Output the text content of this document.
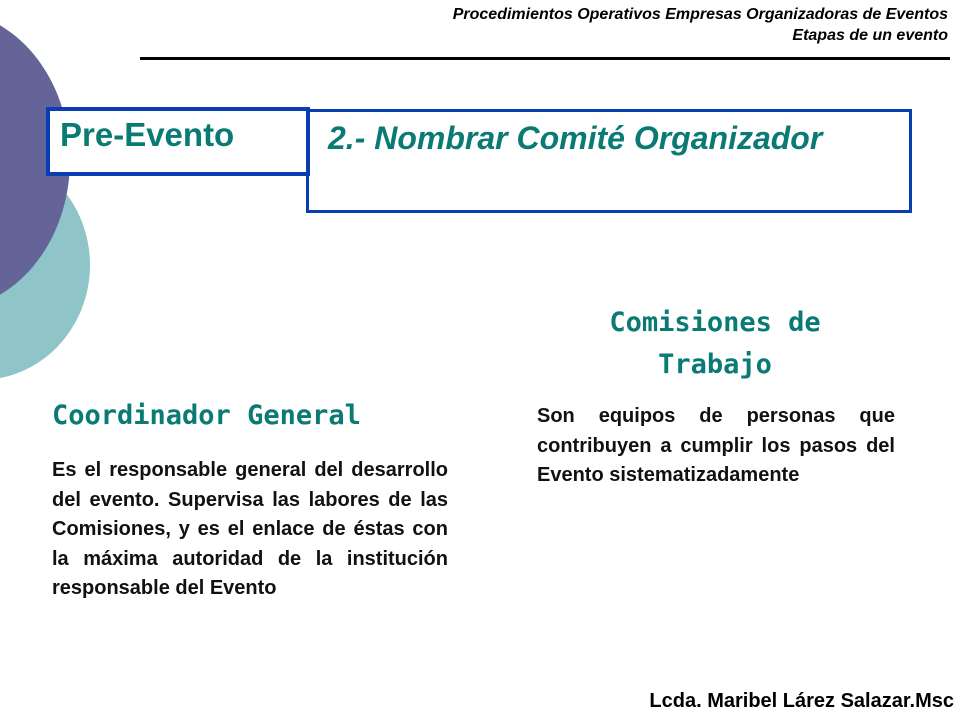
Procedimientos Operativos Empresas Organizadoras de Eventos
Etapas de un evento
2.- Nombrar Comité Organizador
Pre-Evento
Coordinador General
Es el responsable general del desarrollo del evento. Supervisa las labores de las Comisiones, y es el enlace de éstas con la máxima autoridad de la institución responsable del Evento
Comisiones de Trabajo
Son equipos de personas que contribuyen a cumplir los pasos del Evento sistematizadamente
Lcda. Maribel Lárez Salazar.Msc
